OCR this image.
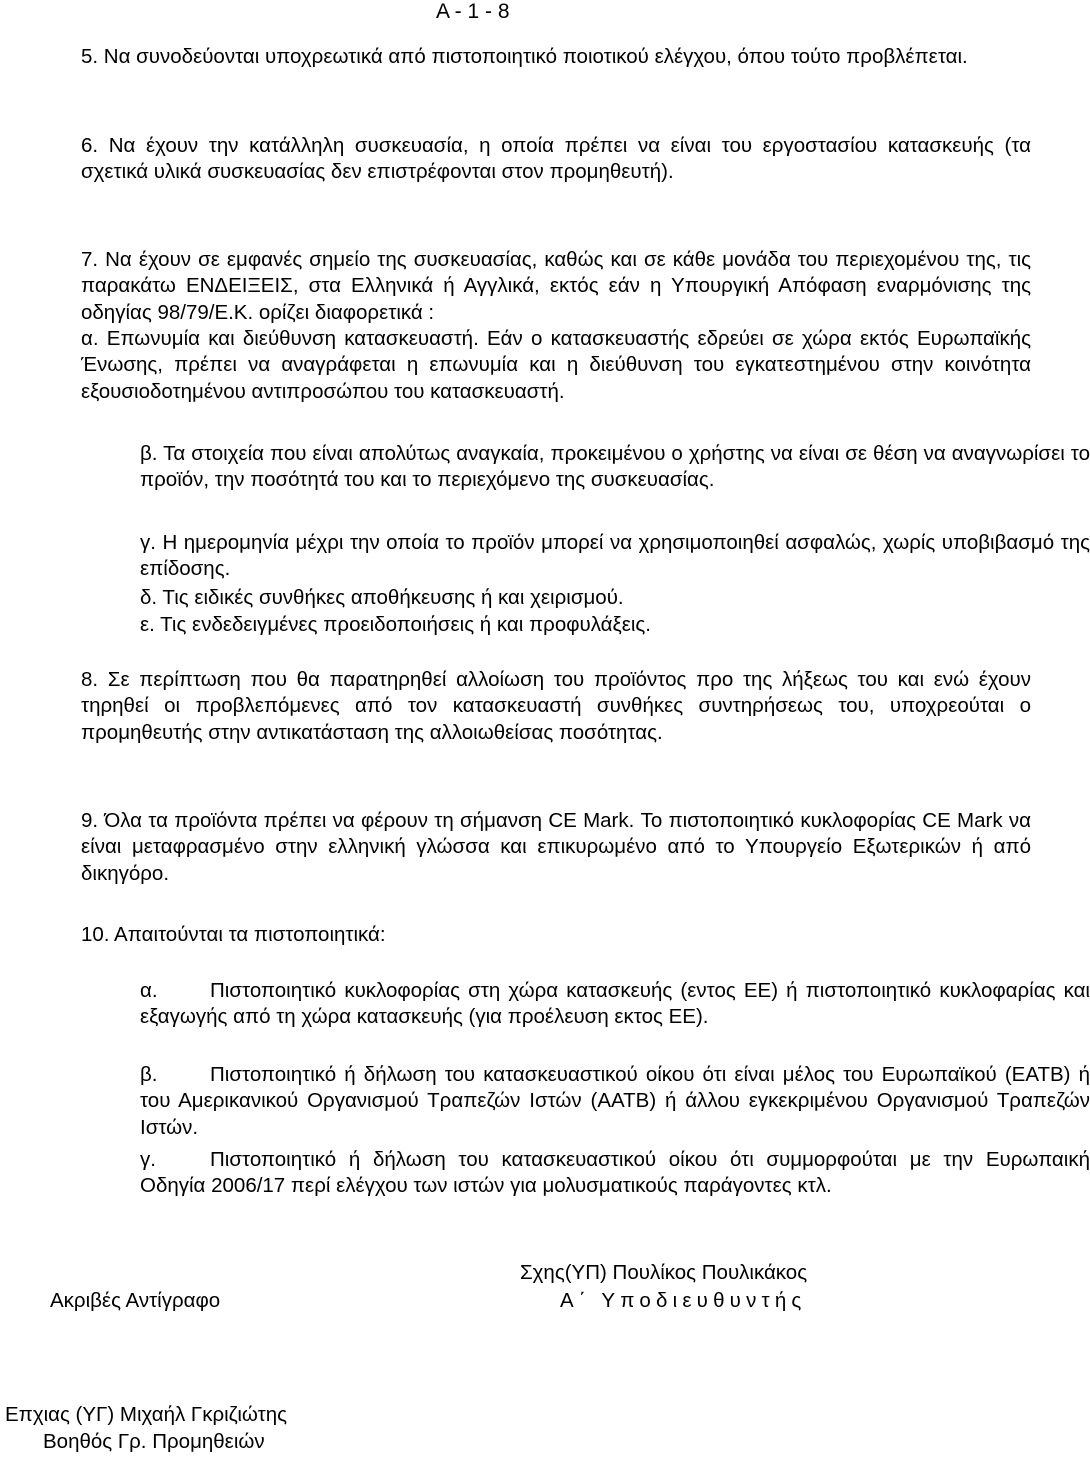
Α - 1 - 8
5. Να συνοδεύονται υποχρεωτικά από πιστοποιητικό ποιοτικού ελέγχου, όπου τούτο προβλέπεται.
6. Να έχουν την κατάλληλη συσκευασία, η οποία πρέπει να είναι του εργοστασίου κατασκευής (τα σχετικά υλικά συσκευασίας δεν επιστρέφονται στον προμηθευτή).
7. Να έχουν σε εμφανές σημείο της συσκευασίας, καθώς και σε κάθε μονάδα του περιεχομένου της, τις παρακάτω ΕΝΔΕΙΞΕΙΣ, στα Ελληνικά ή Αγγλικά, εκτός εάν η Υπουργική Απόφαση εναρμόνισης της οδηγίας 98/79/Ε.Κ. ορίζει διαφορετικά :
α. Επωνυμία και διεύθυνση κατασκευαστή. Εάν ο κατασκευαστής εδρεύει σε χώρα εκτός Ευρωπαϊκής Ένωσης, πρέπει να αναγράφεται η επωνυμία και η διεύθυνση του εγκατεστημένου στην κοινότητα εξουσιοδοτημένου αντιπροσώπου του κατασκευαστή.
β. Τα στοιχεία που είναι απολύτως αναγκαία, προκειμένου ο χρήστης να είναι σε θέση να αναγνωρίσει το προϊόν, την ποσότητά του και το περιεχόμενο της συσκευασίας.
γ. Η ημερομηνία μέχρι την οποία το προϊόν μπορεί να χρησιμοποιηθεί ασφαλώς, χωρίς υποβιβασμό της επίδοσης.
δ. Τις ειδικές συνθήκες αποθήκευσης ή και χειρισμού.
ε. Τις ενδεδειγμένες προειδοποιήσεις ή και προφυλάξεις.
8. Σε περίπτωση που θα παρατηρηθεί αλλοίωση του προϊόντος προ της λήξεως του και ενώ έχουν τηρηθεί οι προβλεπόμενες από τον κατασκευαστή συνθήκες συντηρήσεως του, υποχρεούται ο προμηθευτής στην αντικατάσταση της αλλοιωθείσας ποσότητας.
9. Όλα τα προϊόντα πρέπει να φέρουν τη σήμανση CE Mark. Το πιστοποιητικό κυκλοφορίας CE Mark να είναι μεταφρασμένο στην ελληνική γλώσσα και επικυρωμένο από το Υπουργείο Εξωτερικών ή από δικηγόρο.
10. Απαιτούνται τα πιστοποιητικά:
α.	Πιστοποιητικό κυκλοφορίας στη χώρα κατασκευής (εντος ΕΕ) ή πιστοποιητικό κυκλοφαρίας και εξαγωγής από τη χώρα κατασκευής (για προέλευση εκτος ΕΕ).
β.	Πιστοποιητικό ή δήλωση του κατασκευαστικού οίκου ότι είναι μέλος του Ευρωπαϊκού (ΕΑΤΒ) ή του Αμερικανικού Οργανισμού Τραπεζών Ιστών (ΑΑΤΒ) ή άλλου εγκεκριμένου Οργανισμού Τραπεζών Ιστών.
γ.	Πιστοποιητικό ή δήλωση του κατασκευαστικού οίκου ότι συμμορφούται με την Ευρωπαική Οδηγία 2006/17 περί ελέγχου των ιστών για μολυσματικούς παράγοντες κτλ.
Σχης(ΥΠ) Πουλίκος Πουλικάκος
Ακριβές Αντίγραφο	Α΄ Υποδιευθυντής
Επχιας (ΥΓ) Μιχαήλ Γκριζιώτης
Βοηθός Γρ. Προμηθειών
